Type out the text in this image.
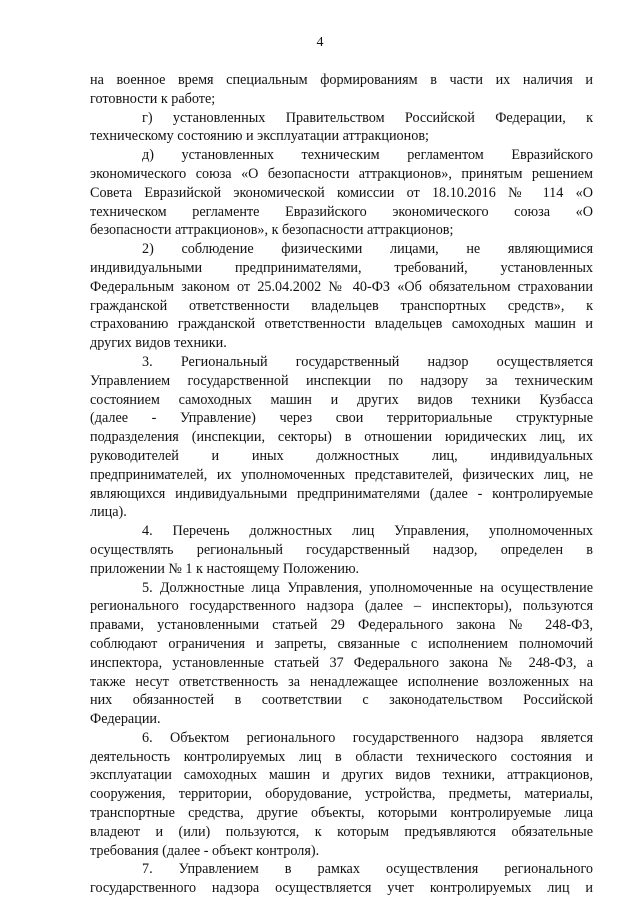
4
на военное время специальным формированиям в части их наличия и
готовности к работе;
г) установленных Правительством Российской Федерации, к
техническому состоянию и эксплуатации аттракционов;
д) установленных техническим регламентом Евразийского
экономического союза «О безопасности аттракционов», принятым решением
Совета Евразийской экономической комиссии от 18.10.2016 № 114 «О
техническом регламенте Евразийского экономического союза «О
безопасности аттракционов», к безопасности аттракционов;
2) соблюдение физическими лицами, не являющимися
индивидуальными предпринимателями, требований, установленных
Федеральным законом от 25.04.2002 № 40-ФЗ «Об обязательном страховании
гражданской ответственности владельцев транспортных средств», к
страхованию гражданской ответственности владельцев самоходных машин и
других видов техники.
3. Региональный государственный надзор осуществляется
Управлением государственной инспекции по надзору за техническим
состоянием самоходных машин и других видов техники Кузбасса
(далее - Управление) через свои территориальные структурные
подразделения (инспекции, секторы) в отношении юридических лиц, их
руководителей и иных должностных лиц, индивидуальных
предпринимателей, их уполномоченных представителей, физических лиц, не
являющихся индивидуальными предпринимателями (далее - контролируемые
лица).
4. Перечень должностных лиц Управления, уполномоченных
осуществлять региональный государственный надзор, определен в
приложении № 1 к настоящему Положению.
5. Должностные лица Управления, уполномоченные на осуществление
регионального государственного надзора (далее – инспекторы), пользуются
правами, установленными статьей 29 Федерального закона № 248-ФЗ,
соблюдают ограничения и запреты, связанные с исполнением полномочий
инспектора, установленные статьей 37 Федерального закона № 248-ФЗ, а
также несут ответственность за ненадлежащее исполнение возложенных на
них обязанностей в соответствии с законодательством Российской
Федерации.
6. Объектом регионального государственного надзора является
деятельность контролируемых лиц в области технического состояния и
эксплуатации самоходных машин и других видов техники, аттракционов,
сооружения, территории, оборудование, устройства, предметы, материалы,
транспортные средства, другие объекты, которыми контролируемые лица
владеют и (или) пользуются, к которым предъявляются обязательные
требования (далее - объект контроля).
7. Управлением в рамках осуществления регионального
государственного надзора осуществляется учет контролируемых лиц и
